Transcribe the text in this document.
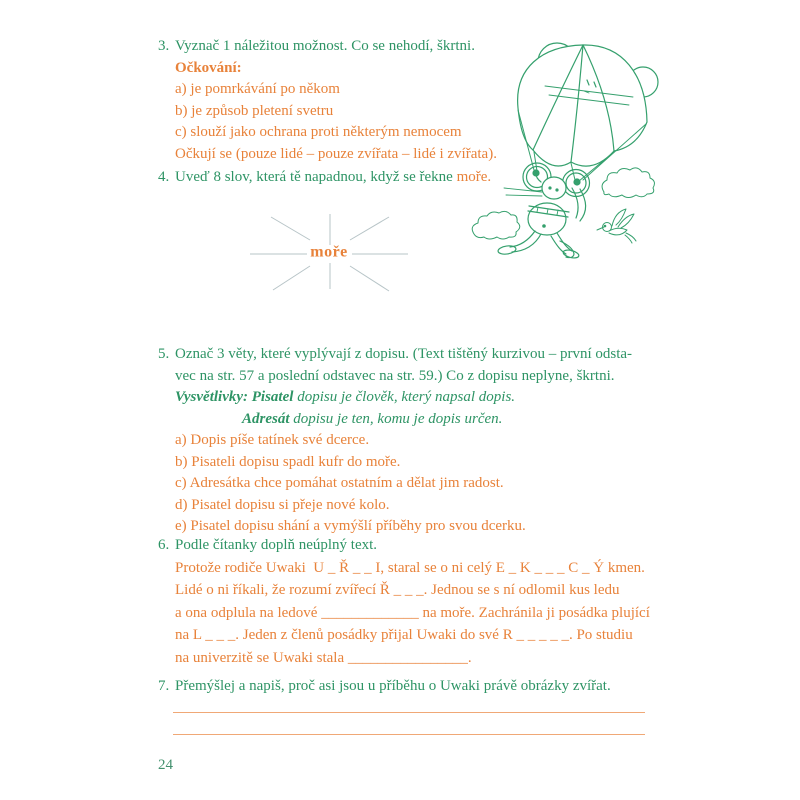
3. Vyznač 1 náležitou možnost. Co se nehodí, škrtni.
Očkování:
a) je pomrkávání po někom
b) je způsob pletení svetru
c) slouží jako ochrana proti některým nemocem
Očkují se (pouze lidé – pouze zvířata – lidé i zvířata).
4. Uveď 8 slov, která tě napadnou, když se řekne moře.
moře
5. Označ 3 věty, které vyplývají z dopisu. (Text tištěný kurzivou – první odsta-
vec na str. 57 a poslední odstavec na str. 59.) Co z dopisu neplyne, škrtni.
Vysvětlivky: Pisatel dopisu je člověk, který napsal dopis.
Adresát dopisu je ten, komu je dopis určen.
a) Dopis píše tatínek své dcerce.
b) Pisateli dopisu spadl kufr do moře.
c) Adresátka chce pomáhat ostatním a dělat jim radost.
d) Pisatel dopisu si přeje nové kolo.
e) Pisatel dopisu shání a vymýšlí příběhy pro svou dcerku.
6. Podle čítanky doplň neúplný text.
Protože rodiče Uwaki  U _ Ř _ _ I, staral se o ni celý E _ K _ _ _ C _ Ý kmen.
Lidé o ni říkali, že rozumí zvířecí Ř _ _ _. Jednou se s ní odlomil kus ledu
a ona odplula na ledové _____________ na moře. Zachránila ji posádka plující
na L _ _ _. Jeden z členů posádky přijal Uwaki do své R _ _ _ _ _. Po studiu
na univerzitě se Uwaki stala ________________.
7. Přemýšlej a napiš, proč asi jsou u příběhu o Uwaki právě obrázky zvířat.
24
